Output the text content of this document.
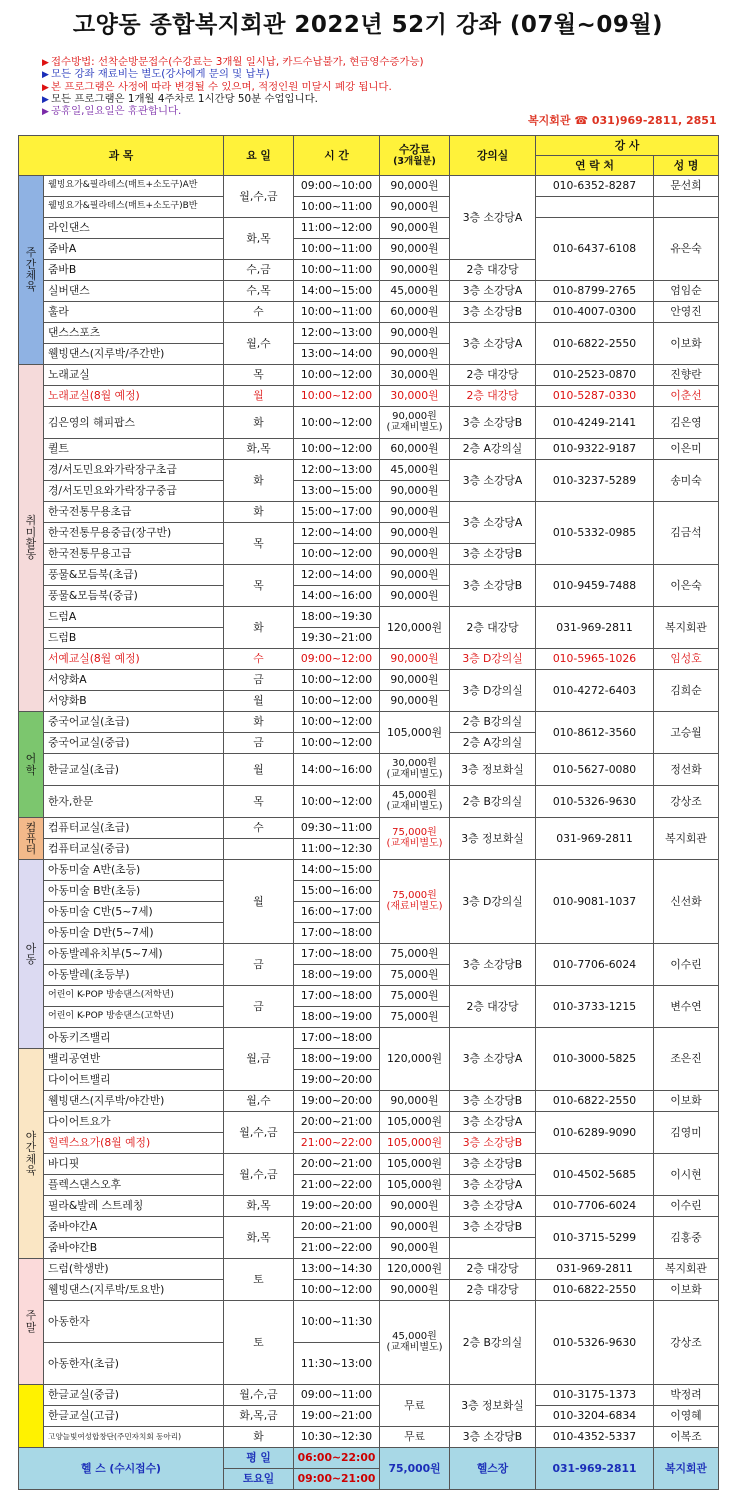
고양동 종합복지회관 2022년 52기 강좌 (07월~09월)
▶ 접수방법: 선착순방문접수(수강료는 3개월 일시납, 카드수납불가, 현금영수증가능)
▶ 모든 강좌 재료비는 별도(강사에게 문의 및 납부)
▶ 본 프로그램은 사정에 따라 변경될 수 있으며, 적정인원 미달시 폐강 됩니다.
▶ 모든 프로그램은 1개월 4주차로 1시간당 50분 수업입니다.
▶ 공휴일,일요일은 휴관합니다.
복지회관 ☎ 031)969-2811, 2851
과 목		요 일	시 간	수강료
(3개월분)	강의실	강 사	
						연 락 처	성 명
주
간
체
육	웰빙요가&필라테스(매트+소도구)A반	월,수,금	09:00~10:00	90,000원	3층 소강당A	010-6352-8287	문선희
	웰빙요가&필라테스(매트+소도구)B반		10:00~11:00	90,000원			
	라인댄스	화,목	11:00~12:00	90,000원		010-6437-6108	유은숙
	줌바A		10:00~11:00	90,000원			
	줌바B	수,금	10:00~11:00	90,000원	2층 대강당		
	실버댄스	수,목	14:00~15:00	45,000원	3층 소강당A	010-8799-2765	엄임순
	훌라	수	10:00~11:00	60,000원	3층 소강당B	010-4007-0300	안영진
	댄스스포츠	월,수	12:00~13:00	90,000원	3층 소강당A	010-6822-2550	이보화
	웰빙댄스(지루박/주간반)		13:00~14:00	90,000원			
취
미
활
동	노래교실	목	10:00~12:00	30,000원	2층 대강당	010-2523-0870	진향란
	노래교실(8월 예정)	월	10:00~12:00	30,000원	2층 대강당	010-5287-0330	이춘선
	김은영의 해피팝스	화	10:00~12:00	90,000원
(교재비별도)	3층 소강당B	010-4249-2141	김은영
	퀼트	화,목	10:00~12:00	60,000원	2층 A강의실	010-9322-9187	이은미
	경/서도민요와가락장구초급	화	12:00~13:00	45,000원	3층 소강당A	010-3237-5289	송미숙
	경/서도민요와가락장구중급		13:00~15:00	90,000원			
	한국전통무용초급	화	15:00~17:00	90,000원	3층 소강당A	010-5332-0985	김금석
	한국전통무용중급(장구반)	목	12:00~14:00	90,000원			
	한국전통무용고급		10:00~12:00	90,000원	3층 소강당B		
	풍물&모듬북(초급)	목	12:00~14:00	90,000원	3층 소강당B	010-9459-7488	이은숙
	풍물&모듬북(중급)		14:00~16:00	90,000원			
	드럼A	화	18:00~19:30	120,000원	2층 대강당	031-969-2811	복지회관
	드럼B		19:30~21:00				
	서예교실(8월 예정)	수	09:00~12:00	90,000원	3층 D강의실	010-5965-1026	임성호
	서양화A	금	10:00~12:00	90,000원	3층 D강의실	010-4272-6403	김희순
	서양화B	월	10:00~12:00	90,000원			
어학	중국어교실(초급)	화	10:00~12:00	105,000원	2층 B강의실	010-8612-3560	고승월
	중국어교실(중급)	금	10:00~12:00		2층 A강의실		
	한글교실(초급)	월	14:00~16:00	30,000원
(교재비별도)	3층 정보화실	010-5627-0080	정선화
	한자,한문	목	10:00~12:00	45,000원
(교재비별도)	2층 B강의실	010-5326-9630	강상조
컴퓨터	컴퓨터교실(초급)	수	09:30~11:00	75,000원
(교재비별도)	3층 정보화실	031-969-2811	복지회관
	컴퓨터교실(중급)		11:00~12:30				
아
동	아동미술 A반(초등)	월	14:00~15:00	75,000원
(재료비별도)	3층 D강의실	010-9081-1037	신선화
	아동미술 B반(초등)		15:00~16:00				
	아동미술 C반(5~7세)		16:00~17:00				
	아동미술 D반(5~7세)		17:00~18:00				
	아동발레유치부(5~7세)	금	17:00~18:00	75,000원	3층 소강당B	010-7706-6024	이수린
	아동발레(초등부)		18:00~19:00	75,000원			
	어린이 K-POP 방송댄스(저학년)	금	17:00~18:00	75,000원	2층 대강당	010-3733-1215	변수연
	어린이 K-POP 방송댄스(고학년)		18:00~19:00	75,000원			
	아동키즈밸리	월,금	17:00~18:00	120,000원	3층 소강당A	010-3000-5825	조은진
야
간
체
육	밸리공연반		18:00~19:00				
	다이어트밸리		19:00~20:00				
	웰빙댄스(지루박/야간반)	월,수	19:00~20:00	90,000원	3층 소강당B	010-6822-2550	이보화
	다이어트요가	월,수,금	20:00~21:00	105,000원	3층 소강당A	010-6289-9090	김영미
	힐렉스요가(8월 예정)		21:00~22:00	105,000원	3층 소강당B		
	바디핏	월,수,금	20:00~21:00	105,000원	3층 소강당B	010-4502-5685	이시현
	플렉스댄스오후		21:00~22:00	105,000원	3층 소강당A		
	필라&발레 스트레칭	화,목	19:00~20:00	90,000원	3층 소강당A	010-7706-6024	이수린
	줌바야간A	화,목	20:00~21:00	90,000원	3층 소강당B	010-3715-5299	김홍중
	줌바야간B		21:00~22:00	90,000원			
주말	드럼(학생반)	토	13:00~14:30	120,000원	2층 대강당	031-969-2811	복지회관
	웰빙댄스(지루박/토요반)		10:00~12:00	90,000원	2층 대강당	010-6822-2550	이보화
	아동한자	토	10:00~11:30	45,000원
(교재비별도)	2층 B강의실	010-5326-9630	강상조
	아동한자(초급)		11:30~13:00				
	한글교실(중급)	월,수,금	09:00~11:00	무료	3층 정보화실	010-3175-1373	박정려
	한글교실(고급)	화,목,금	19:00~21:00			010-3204-6834	이영혜
	고양늘빛여성합창단(주민자치회 동아리)	화	10:30~12:30	무료	3층 소강당B	010-4352-5337	이복조
헬 스 (수시접수)		평 일	06:00~22:00	75,000원	헬스장	031-969-2811	복지회관
		토요일	09:00~21:00				
